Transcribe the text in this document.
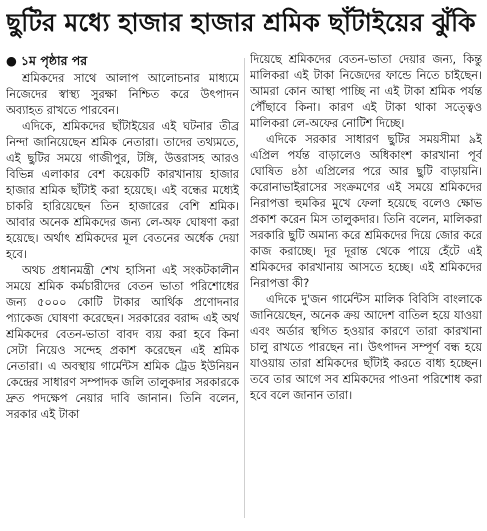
ছুটির মধ্যে হাজার হাজার শ্রমিক ছাঁটাইয়ের ঝুঁকি

● ১ম পৃষ্ঠার পর

শ্রমিকদের সাথে আলাপ আলোচনার মাধ্যমে নিজেদের স্বাস্থ্য সুরক্ষা নিশ্চিত করে উৎপাদন অব্যাহত রাখতে পারবেন।

এদিকে, শ্রমিকদের ছাঁটাইয়ের এই ঘটনার তীব্র নিন্দা জানিয়েছেন শ্রমিক নেতারা। তাদের তথ্যমতে, এই ছুটির সময়ে গাজীপুর, টঙ্গি, উত্তরাসহ আরও বিভিন্ন এলাকার বেশ কয়েকটি কারখানায় হাজার হাজার শ্রমিক ছাঁটাই করা হয়েছে। এই বন্ধের মধ্যেই চাকরি হারিয়েছেন তিন হাজারের বেশি শ্রমিক। আবার অনেক শ্রমিকদের জন্য লে-অফ ঘোষণা করা হয়েছে। অর্থাৎ শ্রমিকদের মূল বেতনের অর্ধেক দেয়া হবে।

অথচ প্রধানমন্ত্রী শেখ হাসিনা এই সংকটকালীন সময়ে শ্রমিক কর্মচারীদের বেতন ভাতা পরিশোধের জন্য ৫০০০ কোটি টাকার আর্থিক প্রণোদনার প্যাকেজ ঘোষণা করেছেন। সরকারের বরাদ্দ এই অর্থ শ্রমিকদের বেতন-ভাতা বাবদ ব্যয় করা হবে কিনা সেটা নিয়েও সন্দেহ প্রকাশ করেছেন এই শ্রমিক নেতারা। এ অবস্থায় গার্মেন্টস শ্রমিক ট্রেড ইউনিয়ন কেন্দ্রের সাধারণ সম্পাদক জলি তালুকদার সরকারকে দ্রুত পদক্ষেপ নেয়ার দাবি জানান। তিনি বলেন, সরকার এই টাকা

দিয়েছে শ্রমিকদের বেতন-ভাতা দেয়ার জন্য, কিন্তু মালিকরা এই টাকা নিজেদের ফান্ডে নিতে চাইছেন। আমরা কোন আস্থা পাচ্ছি না এই টাকা শ্রমিক পর্যন্ত পৌঁছাবে কিনা। কারণ এই টাকা থাকা সত্ত্বেও মালিকরা লে-অফের নোটিশ দিচ্ছে।

এদিকে সরকার সাধারণ ছুটির সময়সীমা ৯ই এপ্রিল পর্যন্ত বাড়ালেও অধিকাংশ কারখানা পূর্ব ঘোষিত ৪ঠা এপ্রিলের পরে আর ছুটি বাড়ায়নি। করোনাভাইরাসের সংক্রমণের এই সময়ে শ্রমিকদের নিরাপত্তা হুমকির মুখে ফেলা হয়েছে বলেও ক্ষোভ প্রকাশ করেন মিস তালুকদার। তিনি বলেন, মালিকরা সরকারি ছুটি অমান্য করে শ্রমিকদের দিয়ে জোর করে কাজ করাচ্ছে। দূর দূরান্ত থেকে পায়ে হেঁটে এই শ্রমিকদের কারখানায় আসতে হচ্ছে। এই শ্রমিকদের নিরাপত্তা কী?

এদিকে দু'জন গার্মেন্টস মালিক বিবিসি বাংলাকে জানিয়েছেন, অনেক ক্রয় আদেশ বাতিল হয়ে যাওয়া এবং অর্ডার স্থগিত হওয়ার কারণে তারা কারখানা চালু রাখতে পারছেন না। উৎপাদন সম্পূর্ণ বন্ধ হয়ে যাওয়ায় তারা শ্রমিকদের ছাঁটাই করতে বাধ্য হচ্ছেন। তবে তার আগে সব শ্রমিকদের পাওনা পরিশোধ করা হবে বলে জানান তারা।
